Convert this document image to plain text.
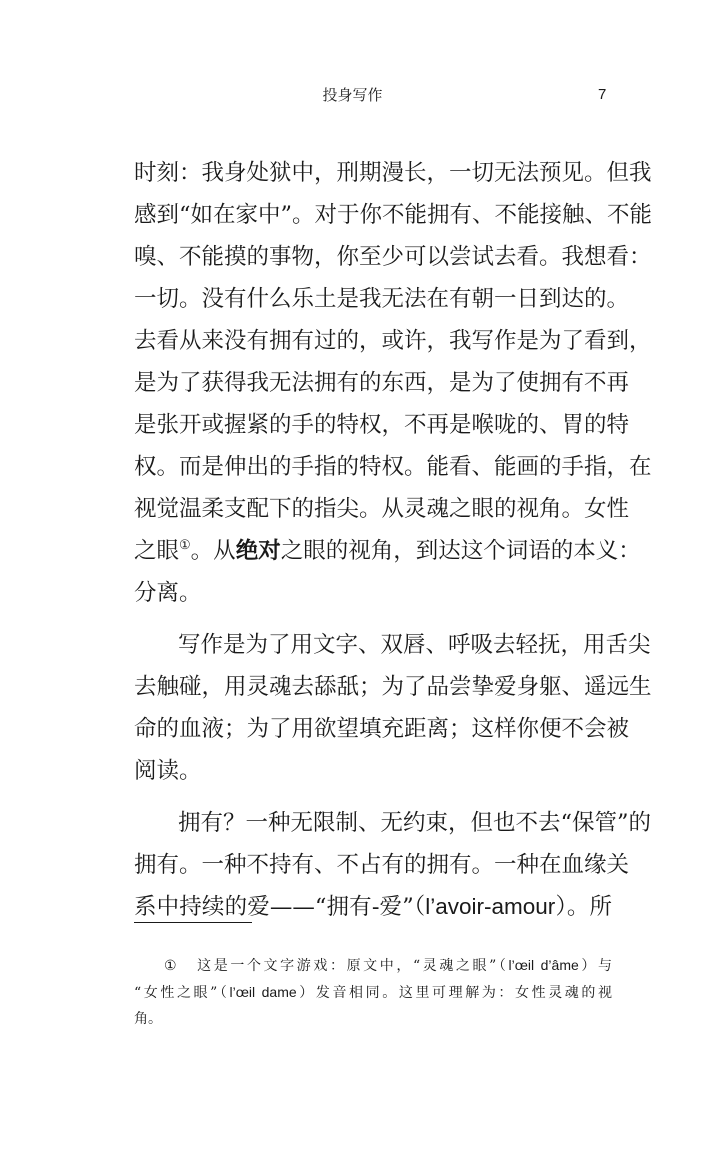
投身写作	7
时刻：我身处狱中，刑期漫长，一切无法预见。但我
感到“如在家中”。对于你不能拥有、不能接触、不能
嗅、不能摸的事物，你至少可以尝试去看。我想看：
一切。没有什么乐土是我无法在有朝一日到达的。
去看从来没有拥有过的，或许，我写作是为了看到，
是为了获得我无法拥有的东西，是为了使拥有不再
是张开或握紧的手的特权，不再是喉咙的、胃的特
权。而是伸出的手指的特权。能看、能画的手指，在
视觉温柔支配下的指尖。从灵魂之眼的视角。女性
之眼①。从绝对之眼的视角，到达这个词语的本义：
分离。
写作是为了用文字、双唇、呼吸去轻抚，用舌尖
去触碰，用灵魂去舔舐；为了品尝挚爱身躯、遥远生
命的血液；为了用欲望填充距离；这样你便不会被
阅读。
拥有？一种无限制、无约束，但也不去“保管”的
拥有。一种不持有、不占有的拥有。一种在血缘关
系中持续的爱——“拥有-爱”（l’avoir-amour）。所
① 这是一个文字游戏：原文中，“灵魂之眼”（l’œil d’âme）与
“女性之眼”（l’œil dame）发音相同。这里可理解为：女性灵魂的视
角。
